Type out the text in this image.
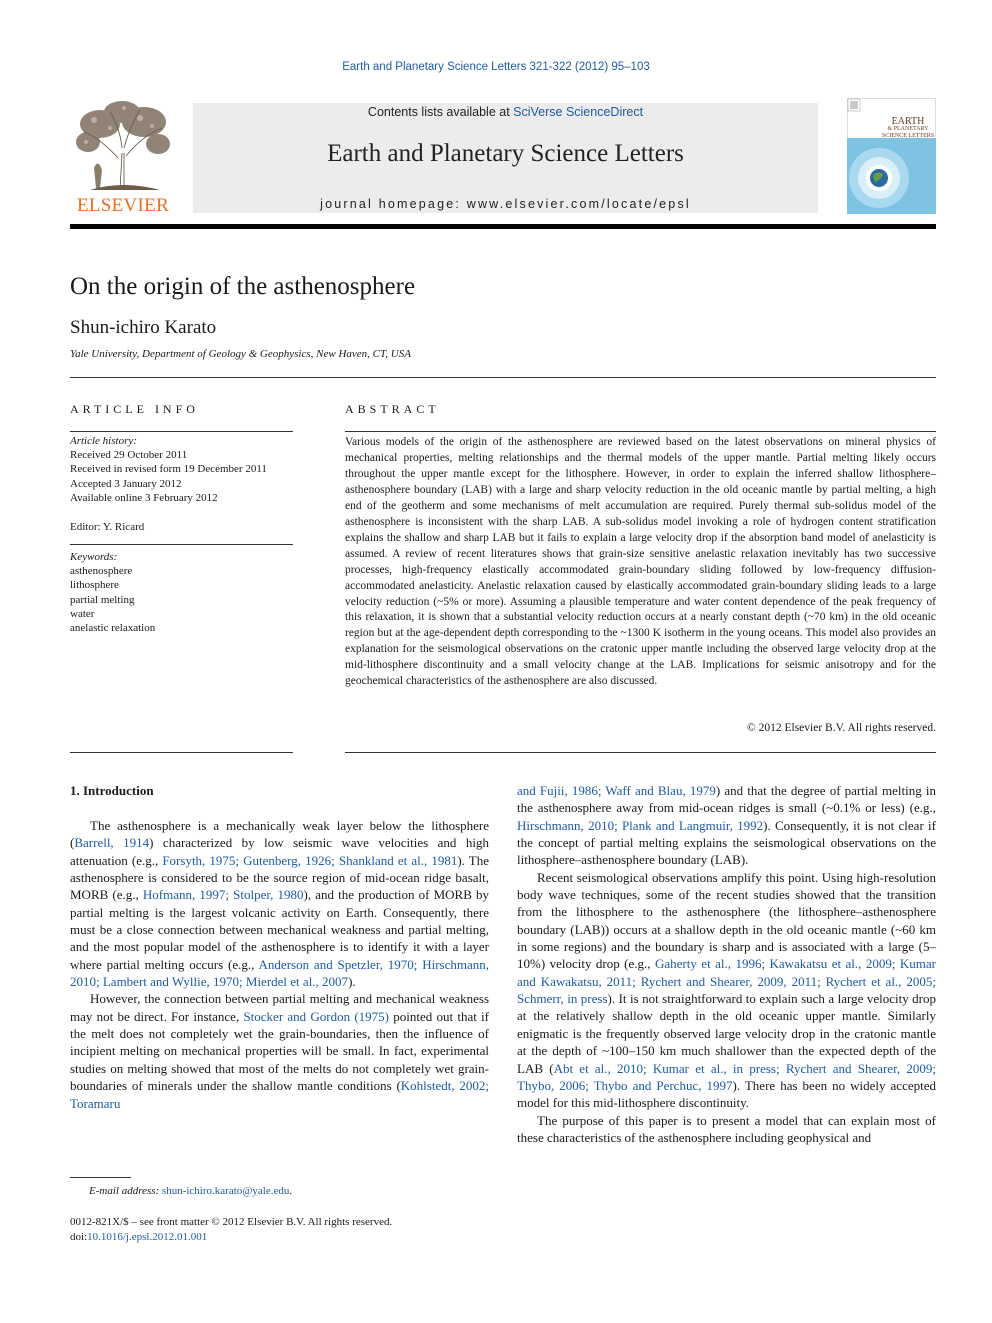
Earth and Planetary Science Letters 321-322 (2012) 95–103
ELSEVIER
Contents lists available at SciVerse ScienceDirect
Earth and Planetary Science Letters
journal homepage: www.elsevier.com/locate/epsl
EARTH
& PLANETARY
SCIENCE LETTERS
On the origin of the asthenosphere
Shun-ichiro Karato
Yale University, Department of Geology & Geophysics, New Haven, CT, USA
ARTICLE INFO	ABSTRACT
Article history:
Received 29 October 2011
Received in revised form 19 December 2011
Accepted 3 January 2012
Available online 3 February 2012
Editor: Y. Ricard
Keywords:
asthenosphere
lithosphere
partial melting
water
anelastic relaxation
Various models of the origin of the asthenosphere are reviewed based on the latest observations on mineral physics of mechanical properties, melting relationships and the thermal models of the upper mantle. Partial melting likely occurs throughout the upper mantle except for the lithosphere. However, in order to explain the inferred shallow lithosphere–asthenosphere boundary (LAB) with a large and sharp velocity reduction in the old oceanic mantle by partial melting, a high end of the geotherm and some mechanisms of melt accumulation are required. Purely thermal sub-solidus model of the asthenosphere is inconsistent with the sharp LAB. A sub-solidus model invoking a role of hydrogen content stratification explains the shallow and sharp LAB but it fails to explain a large velocity drop if the absorption band model of anelasticity is assumed. A review of recent literatures shows that grain-size sensitive anelastic relaxation inevitably has two successive processes, high-frequency elastically accommodated grain-boundary sliding followed by low-frequency diffusion-accommodated anelasticity. Anelastic relaxation caused by elastically accommodated grain-boundary sliding leads to a large velocity reduction (~5% or more). Assuming a plausible temperature and water content dependence of the peak frequency of this relaxation, it is shown that a substantial velocity reduction occurs at a nearly constant depth (~70 km) in the old oceanic region but at the age-dependent depth corresponding to the ~1300 K isotherm in the young oceans. This model also provides an explanation for the seismological observations on the cratonic upper mantle including the observed large velocity drop at the mid-lithosphere discontinuity and a small velocity change at the LAB. Implications for seismic anisotropy and for the geochemical characteristics of the asthenosphere are also discussed.
© 2012 Elsevier B.V. All rights reserved.
1. Introduction

The asthenosphere is a mechanically weak layer below the lithosphere (Barrell, 1914) characterized by low seismic wave velocities and high attenuation (e.g., Forsyth, 1975; Gutenberg, 1926; Shankland et al., 1981). The asthenosphere is considered to be the source region of mid-ocean ridge basalt, MORB (e.g., Hofmann, 1997; Stolper, 1980), and the production of MORB by partial melting is the largest volcanic activity on Earth. Consequently, there must be a close connection between mechanical weakness and partial melting, and the most popular model of the asthenosphere is to identify it with a layer where partial melting occurs (e.g., Anderson and Spetzler, 1970; Hirschmann, 2010; Lambert and Wyllie, 1970; Mierdel et al., 2007).

However, the connection between partial melting and mechanical weakness may not be direct. For instance, Stocker and Gordon (1975) pointed out that if the melt does not completely wet the grain-boundaries, then the influence of incipient melting on mechanical properties will be small. In fact, experimental studies on melting showed that most of the melts do not completely wet grain-boundaries of minerals under the shallow mantle conditions (Kohlstedt, 2002; Toramaru

and Fujii, 1986; Waff and Blau, 1979) and that the degree of partial melting in the asthenosphere away from mid-ocean ridges is small (~0.1% or less) (e.g., Hirschmann, 2010; Plank and Langmuir, 1992). Consequently, it is not clear if the concept of partial melting explains the seismological observations on the lithosphere–asthenosphere boundary (LAB).

Recent seismological observations amplify this point. Using high-resolution body wave techniques, some of the recent studies showed that the transition from the lithosphere to the asthenosphere (the lithosphere–asthenosphere boundary (LAB)) occurs at a shallow depth in the old oceanic mantle (~60 km in some regions) and the boundary is sharp and is associated with a large (5–10%) velocity drop (e.g., Gaherty et al., 1996; Kawakatsu et al., 2009; Kumar and Kawakatsu, 2011; Rychert and Shearer, 2009, 2011; Rychert et al., 2005; Schmerr, in press). It is not straightforward to explain such a large velocity drop at the relatively shallow depth in the old oceanic upper mantle. Similarly enigmatic is the frequently observed large velocity drop in the cratonic mantle at the depth of ~100–150 km much shallower than the expected depth of the LAB (Abt et al., 2010; Kumar et al., in press; Rychert and Shearer, 2009; Thybo, 2006; Thybo and Perchuc, 1997). There has been no widely accepted model for this mid-lithosphere discontinuity.

The purpose of this paper is to present a model that can explain most of these characteristics of the asthenosphere including geophysical and

E-mail address: shun-ichiro.karato@yale.edu.
0012-821X/$ – see front matter © 2012 Elsevier B.V. All rights reserved.
doi:10.1016/j.epsl.2012.01.001
